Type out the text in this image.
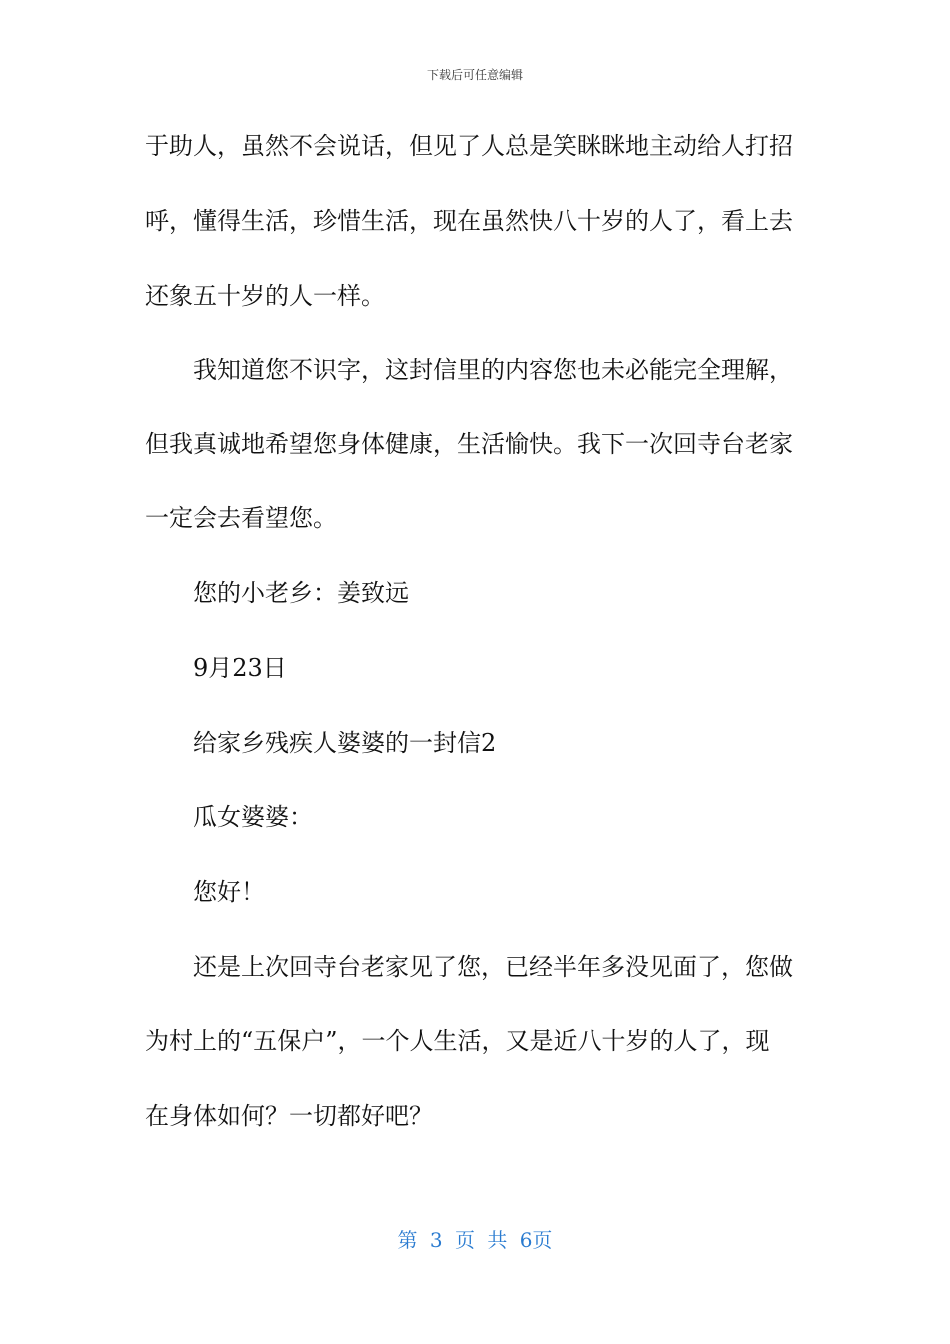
下载后可任意编辑
于助人，虽然不会说话，但见了人总是笑眯眯地主动给人打招
呼，懂得生活，珍惜生活，现在虽然快八十岁的人了，看上去
还象五十岁的人一样。
我知道您不识字，这封信里的内容您也未必能完全理解，
但我真诚地希望您身体健康，生活愉快。我下一次回寺台老家
一定会去看望您。
您的小老乡：姜致远
9月23日
给家乡残疾人婆婆的一封信2
瓜女婆婆：
您好！
还是上次回寺台老家见了您，已经半年多没见面了，您做
为村上的“五保户”，一个人生活，又是近八十岁的人了，现
在身体如何？一切都好吧？
第 3 页 共 6页
